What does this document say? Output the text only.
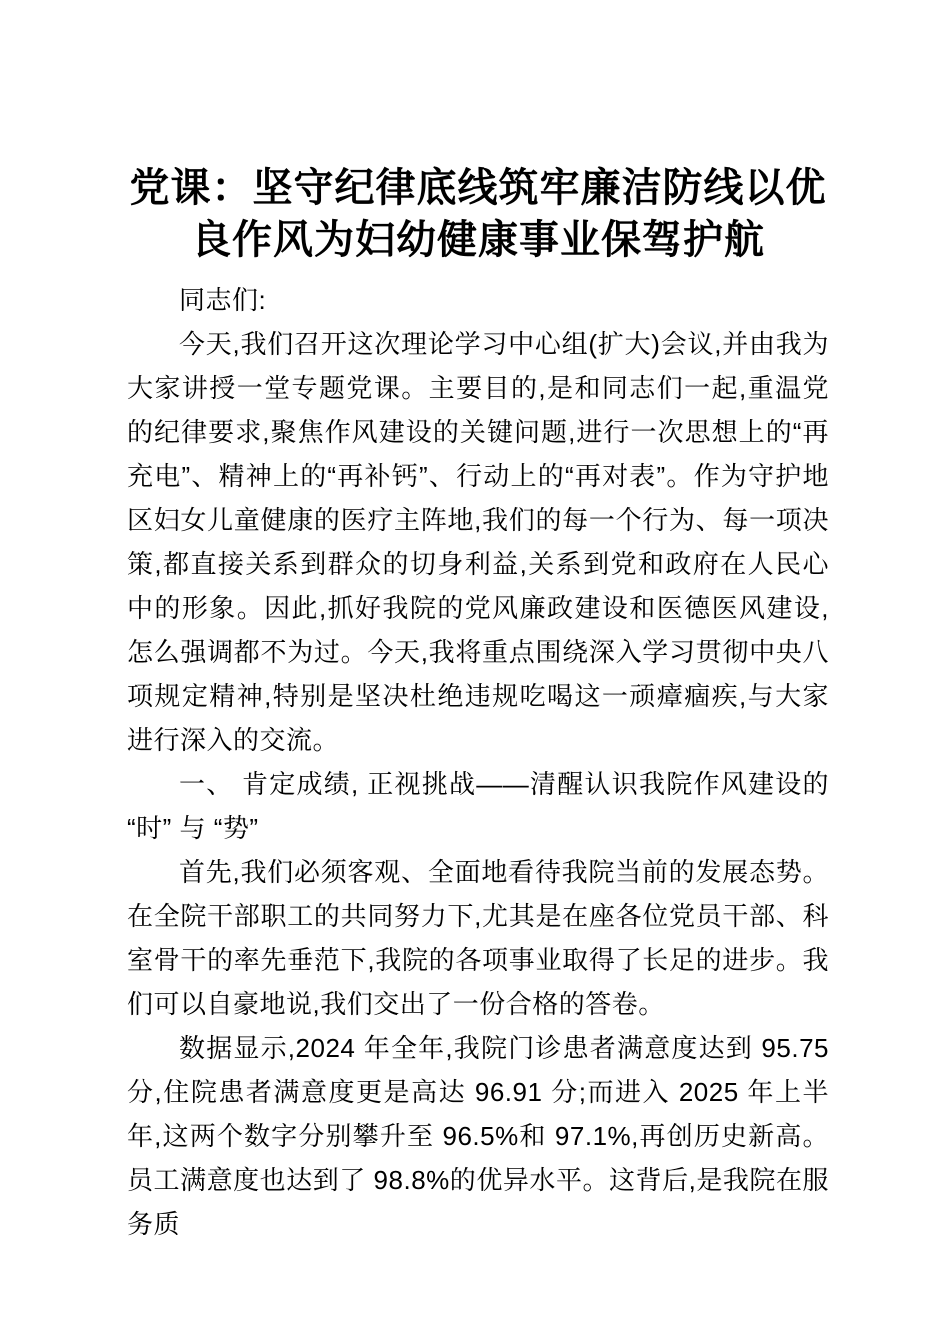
党课：坚守纪律底线筑牢廉洁防线以优
良作风为妇幼健康事业保驾护航

同志们:

今天,我们召开这次理论学习中心组(扩大)会议,并由我为大家讲授一堂专题党课。主要目的,是和同志们一起,重温党的纪律要求,聚焦作风建设的关键问题,进行一次思想上的“再充电”、精神上的“再补钙”、行动上的“再对表”。作为守护地区妇女儿童健康的医疗主阵地,我们的每一个行为、每一项决策,都直接关系到群众的切身利益,关系到党和政府在人民心中的形象。因此,抓好我院的党风廉政建设和医德医风建设,怎么强调都不为过。今天,我将重点围绕深入学习贯彻中央八项规定精神,特别是坚决杜绝违规吃喝这一顽瘴痼疾,与大家进行深入的交流。

一、 肯定成绩, 正视挑战——清醒认识我院作风建设的 “时” 与 “势”

首先,我们必须客观、全面地看待我院当前的发展态势。在全院干部职工的共同努力下,尤其是在座各位党员干部、科室骨干的率先垂范下,我院的各项事业取得了长足的进步。我们可以自豪地说,我们交出了一份合格的答卷。

数据显示,2024 年全年,我院门诊患者满意度达到 95.75 分,住院患者满意度更是高达 96.91 分;而进入 2025 年上半年,这两个数字分别攀升至 96.5%和 97.1%,再创历史新高。员工满意度也达到了 98.8%的优异水平。这背后,是我院在服务质
